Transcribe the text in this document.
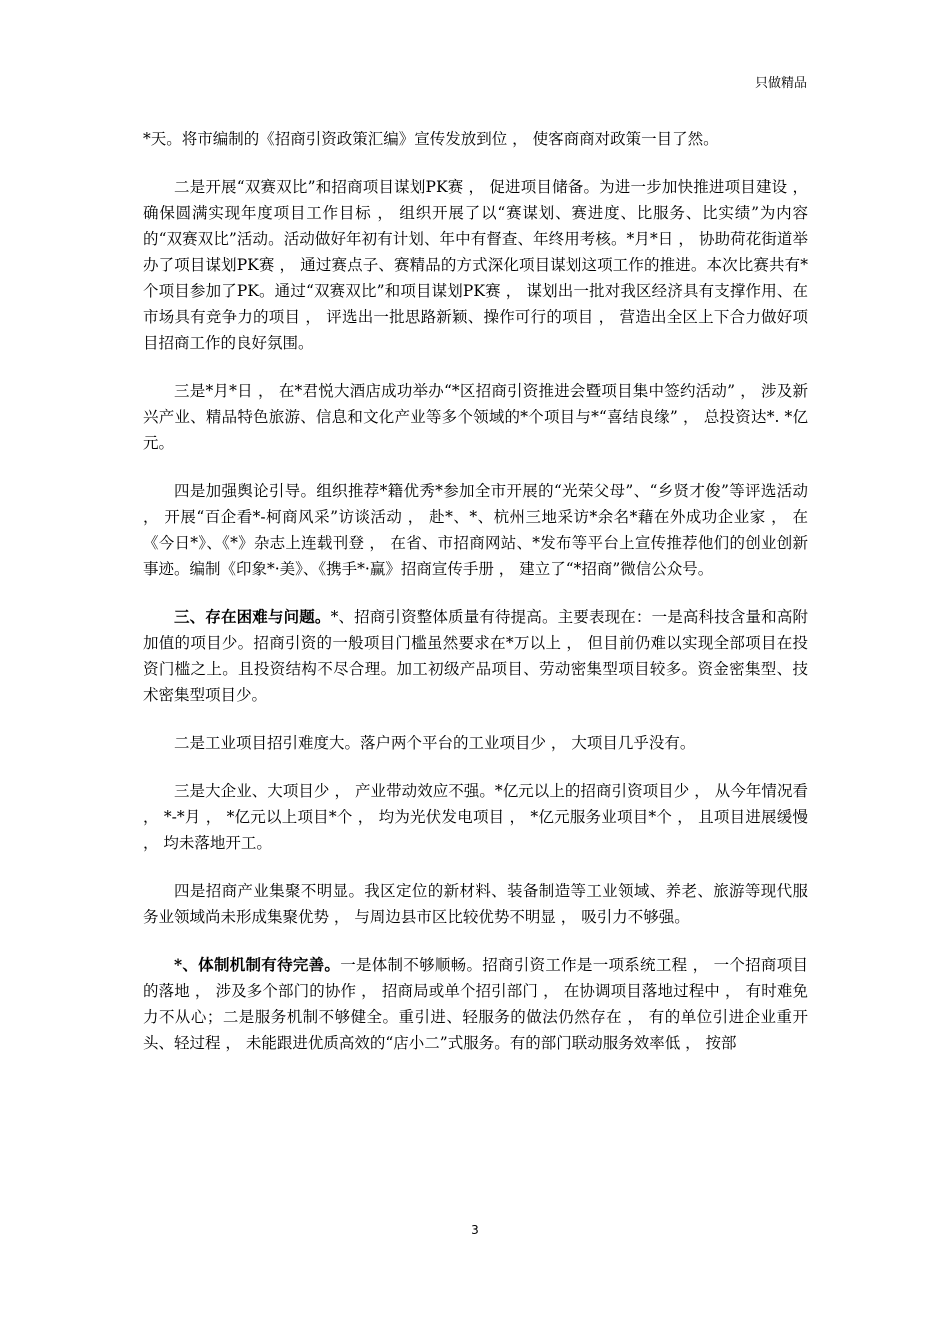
只做精品

*天。将市编制的《招商引资政策汇编》宣传发放到位 ， 使客商商对政策一目了然。

二是开展“双赛双比”和招商项目谋划PK赛 ， 促进项目储备。为进一步加快推进项目建设 ， 确保圆满实现年度项目工作目标 ， 组织开展了以“赛谋划、赛进度、比服务、比实绩”为内容的“双赛双比”活动。活动做好年初有计划、年中有督查、年终用考核。*月*日 ， 协助荷花街道举办了项目谋划PK赛 ， 通过赛点子、赛精品的方式深化项目谋划这项工作的推进。本次比赛共有*个项目参加了PK。通过“双赛双比”和项目谋划PK赛 ， 谋划出一批对我区经济具有支撑作用、在市场具有竞争力的项目 ， 评选出一批思路新颖、操作可行的项目 ， 营造出全区上下合力做好项目招商工作的良好氛围。

三是*月*日 ， 在*君悦大酒店成功举办“*区招商引资推进会暨项目集中签约活动” ， 涉及新兴产业、精品特色旅游、信息和文化产业等多个领域的*个项目与*“喜结良缘” ， 总投资达*. *亿元。

四是加强舆论引导。组织推荐*籍优秀*参加全市开展的“光荣父母”、“乡贤才俊”等评选活动 ， 开展“百企看*-柯商风采”访谈活动 ， 赴*、*、杭州三地采访*余名*藉在外成功企业家 ， 在《今日*》、《*》杂志上连载刊登 ， 在省、市招商网站、*发布等平台上宣传推荐他们的创业创新事迹。编制《印象*·美》、《携手*·赢》招商宣传手册 ， 建立了“*招商”微信公众号。

三、存在困难与问题。*、招商引资整体质量有待提高。主要表现在：一是高科技含量和高附加值的项目少。招商引资的一般项目门槛虽然要求在*万以上 ， 但目前仍难以实现全部项目在投资门槛之上。且投资结构不尽合理。加工初级产品项目、劳动密集型项目较多。资金密集型、技术密集型项目少。

二是工业项目招引难度大。落户两个平台的工业项目少 ， 大项目几乎没有。

三是大企业、大项目少 ， 产业带动效应不强。*亿元以上的招商引资项目少 ， 从今年情况看 ， *-*月 ， *亿元以上项目*个 ， 均为光伏发电项目 ， *亿元服务业项目*个 ， 且项目进展缓慢 ， 均未落地开工。

四是招商产业集聚不明显。我区定位的新材料、装备制造等工业领域、养老、旅游等现代服务业领域尚未形成集聚优势 ， 与周边县市区比较优势不明显 ， 吸引力不够强。

*、体制机制有待完善。一是体制不够顺畅。招商引资工作是一项系统工程 ， 一个招商项目的落地 ， 涉及多个部门的协作 ， 招商局或单个招引部门 ， 在协调项目落地过程中 ， 有时难免力不从心；二是服务机制不够健全。重引进、轻服务的做法仍然存在 ， 有的单位引进企业重开头、轻过程 ， 未能跟进优质高效的“店小二”式服务。有的部门联动服务效率低 ， 按部

3
